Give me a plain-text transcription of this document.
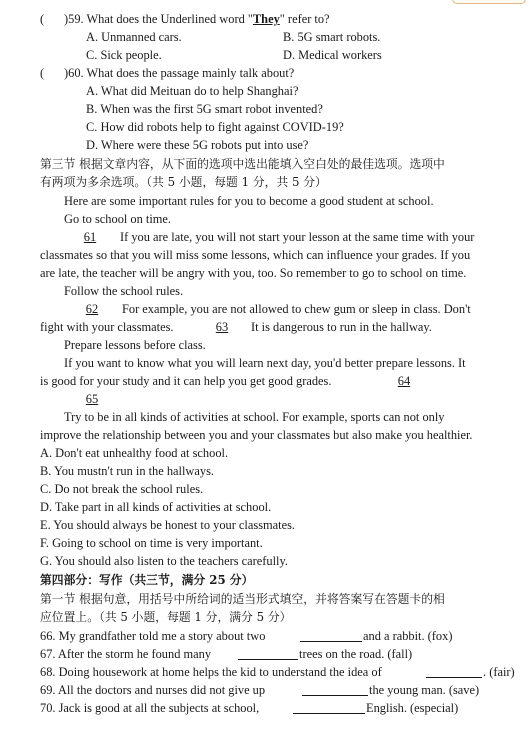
( )59. What does the Underlined word "They" refer to?
A. Unmanned cars.	B. 5G smart robots.
C. Sick people.	D. Medical workers
( )60. What does the passage mainly talk about?
A. What did Meituan do to help Shanghai?
B. When was the first 5G smart robot invented?
C. How did robots help to fight against COVID-19?
D. Where were these 5G robots put into use?
第三节 根据文章内容，从下面的选项中选出能填入空白处的最佳选项。选项中
有两项为多余选项。（共 5 小题，每题 1 分，共 5 分）
Here are some important rules for you to become a good student at school.
Go to school on time.
61	If you are late, you will not start your lesson at the same time with your
classmates so that you will miss some lessons, which can influence your grades. If you
are late, the teacher will be angry with you, too. So remember to go to school on time.
Follow the school rules.
62	For example, you are not allowed to chew gum or sleep in class. Don't
fight with your classmates.	63	It is dangerous to run in the hallway.
Prepare lessons before class.
If you want to know what you will learn next day, you'd better prepare lessons. It
is good for your study and it can help you get good grades.	64
65
Try to be in all kinds of activities at school. For example, sports can not only
improve the relationship between you and your classmates but also make you healthier.
A. Don't eat unhealthy food at school.
B. You mustn't run in the hallways.
C. Do not break the school rules.
D. Take part in all kinds of activities at school.
E. You should always be honest to your classmates.
F. Going to school on time is very important.
G. You should also listen to the teachers carefully.
第四部分：写作（共三节，满分 25 分）
第一节 根据句意，用括号中所给词的适当形式填空，并将答案写在答题卡的相
应位置上。（共 5 小题，每题 1 分，满分 5 分）
66. My grandfather told me a story about two	and a rabbit. (fox)
67. After the storm he found many	trees on the road. (fall)
68. Doing housework at home helps the kid to understand the idea of	. (fair)
69. All the doctors and nurses did not give up	the young man. (save)
70. Jack is good at all the subjects at school,	English. (especial)
